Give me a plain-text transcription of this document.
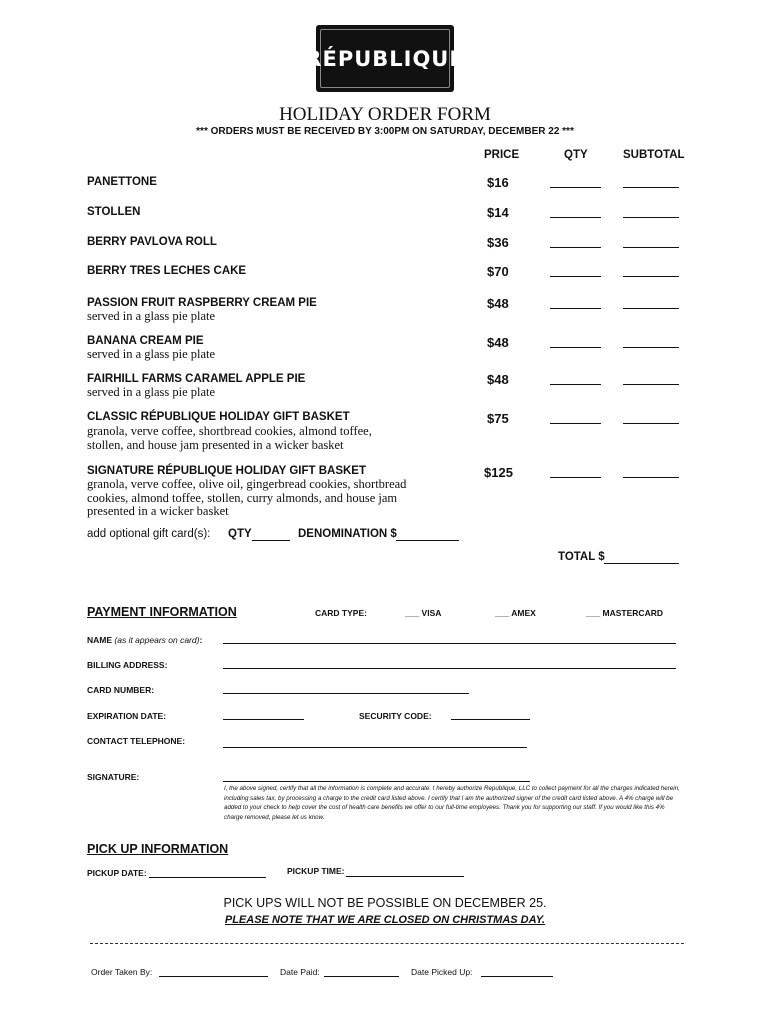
RÉPUBLIQUE
HOLIDAY ORDER FORM
*** ORDERS MUST BE RECEIVED BY 3:00PM ON SATURDAY, DECEMBER 22 ***
PRICE	QTY	SUBTOTAL
PANETTONE	$16
STOLLEN	$14
BERRY PAVLOVA ROLL	$36
BERRY TRES LECHES CAKE	$70
PASSION FRUIT RASPBERRY CREAM PIE
served in a glass pie plate
$48
BANANA CREAM PIE
served in a glass pie plate
$48
FAIRHILL FARMS CARAMEL APPLE PIE
served in a glass pie plate
$48
CLASSIC RÉPUBLIQUE HOLIDAY GIFT BASKET
granola, verve coffee, shortbread cookies, almond toffee,
stollen, and house jam presented in a wicker basket
$75
SIGNATURE RÉPUBLIQUE HOLIDAY GIFT BASKET
granola, verve coffee, olive oil, gingerbread cookies, shortbread
cookies, almond toffee, stollen, curry almonds, and house jam
presented in a wicker basket
$125
add optional gift card(s): QTY	DENOMINATION $
TOTAL $
PAYMENT INFORMATION	CARD TYPE:	___ VISA	___ AMEX	___ MASTERCARD
NAME (as it appears on card):
BILLING ADDRESS:
CARD NUMBER:
EXPIRATION DATE:	SECURITY CODE:
CONTACT TELEPHONE:
SIGNATURE:
I, the above signed, certify that all the information is complete and accurate. I hereby authorize Republique, LLC to collect payment for all the charges indicated herein, including sales tax, by processing a charge to the credit card listed above. I certify that I am the authorized signer of the credit card listed above. A 4% charge will be added to your check to help cover the cost of health care benefits we offer to our full-time employees. Thank you for supporting our staff. If you would like this 4% charge removed, please let us know.
PICK UP INFORMATION
PICKUP DATE:	PICKUP TIME:
PICK UPS WILL NOT BE POSSIBLE ON DECEMBER 25.
PLEASE NOTE THAT WE ARE CLOSED ON CHRISTMAS DAY.
Order Taken By:	Date Paid:	Date Picked Up:
